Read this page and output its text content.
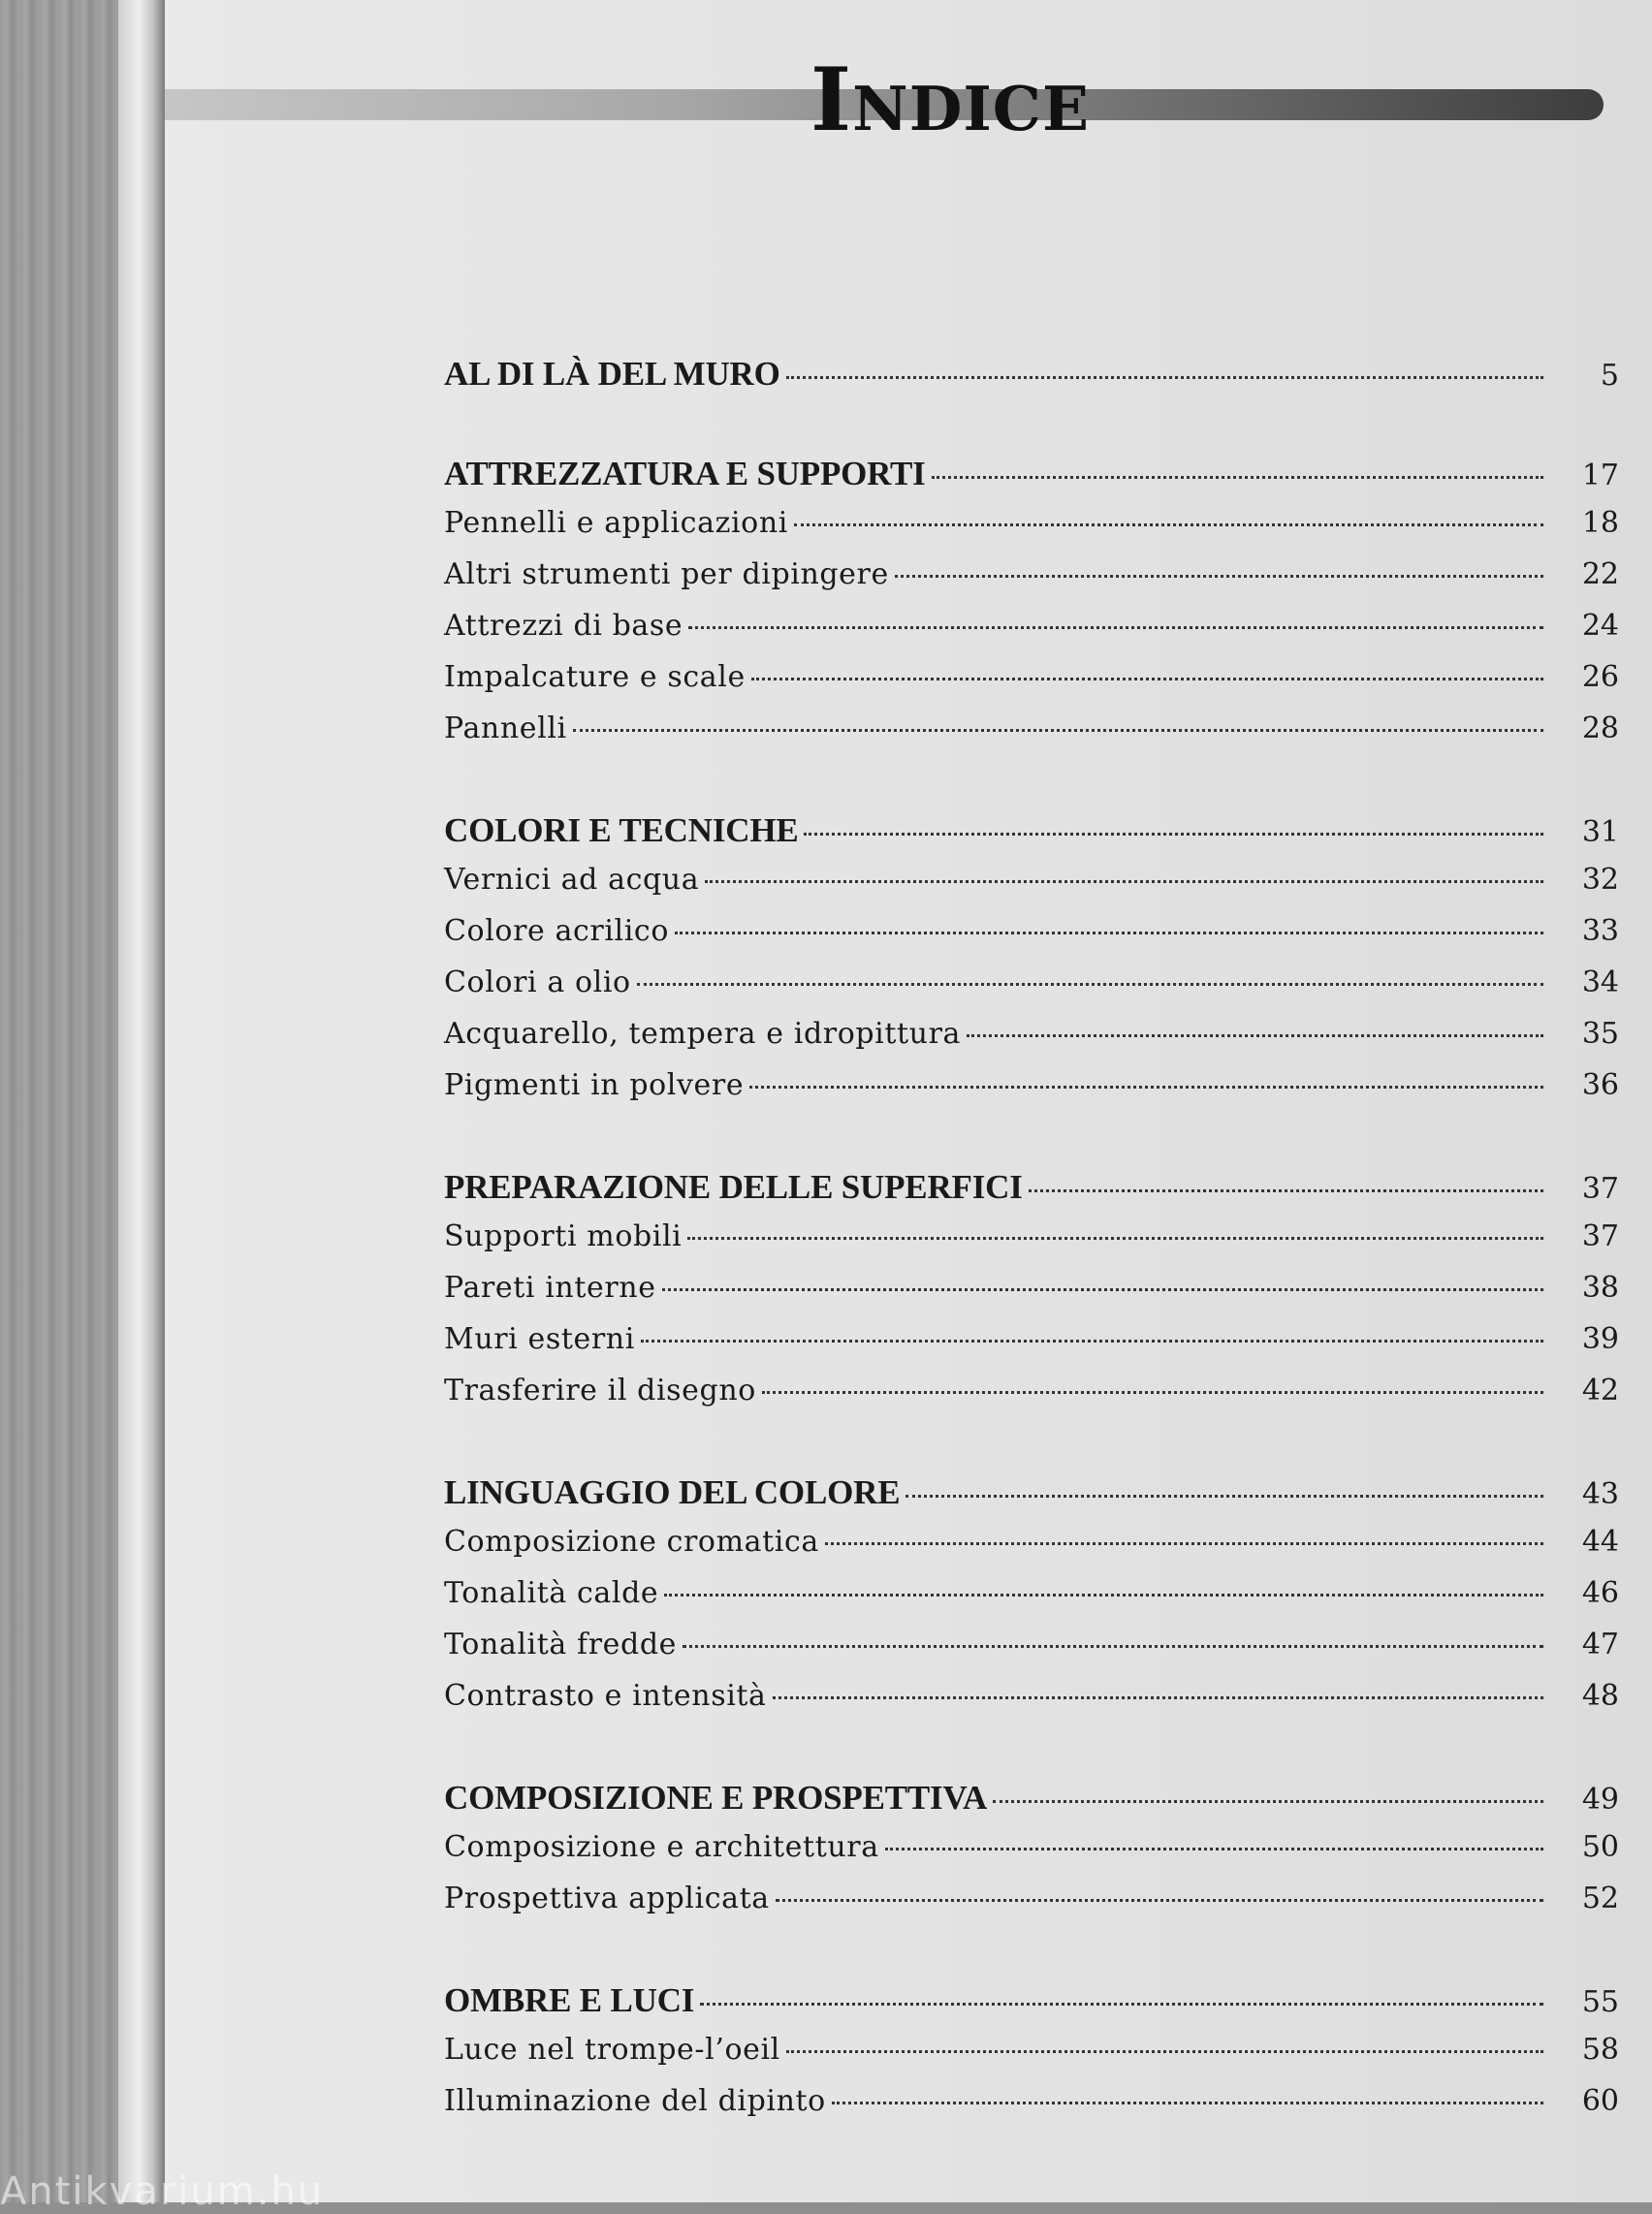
Indice
AL DI LÀ DEL MURO	5
ATTREZZATURA E SUPPORTI	17
Pennelli e applicazioni	18
Altri strumenti per dipingere	22
Attrezzi di base	24
Impalcature e scale	26
Pannelli	28
COLORI E TECNICHE	31
Vernici ad acqua	32
Colore acrilico	33
Colori a olio	34
Acquarello, tempera e idropittura	35
Pigmenti in polvere	36
PREPARAZIONE DELLE SUPERFICI	37
Supporti mobili	37
Pareti interne	38
Muri esterni	39
Trasferire il disegno	42
LINGUAGGIO DEL COLORE	43
Composizione cromatica	44
Tonalità calde	46
Tonalità fredde	47
Contrasto e intensità	48
COMPOSIZIONE E PROSPETTIVA	49
Composizione e architettura	50
Prospettiva applicata	52
OMBRE E LUCI	55
Luce nel trompe-l’oeil	58
Illuminazione del dipinto	60
Antikvarium.hu
